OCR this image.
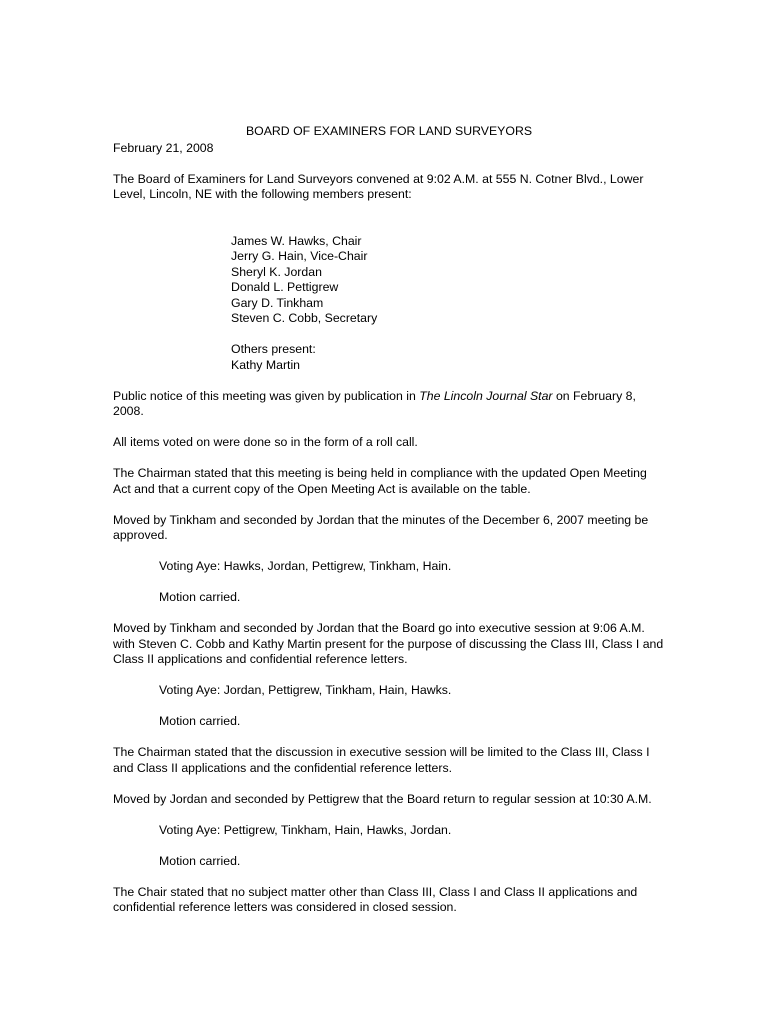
BOARD OF EXAMINERS FOR LAND SURVEYORS

February 21, 2008

The Board of Examiners for Land Surveyors convened at 9:02 A.M. at 555 N. Cotner Blvd., Lower Level, Lincoln, NE with the following members present:

James W. Hawks, Chair
Jerry G. Hain, Vice-Chair
Sheryl K. Jordan
Donald L. Pettigrew
Gary D. Tinkham
Steven C. Cobb, Secretary
Others present:
Kathy Martin

Public notice of this meeting was given by publication in The Lincoln Journal Star on February 8, 2008.

All items voted on were done so in the form of a roll call.

The Chairman stated that this meeting is being held in compliance with the updated Open Meeting Act and that a current copy of the Open Meeting Act is available on the table.

Moved by Tinkham and seconded by Jordan that the minutes of the December 6, 2007 meeting be approved.

Voting Aye: Hawks, Jordan, Pettigrew, Tinkham, Hain.

Motion carried.

Moved by Tinkham and seconded by Jordan that the Board go into executive session at 9:06 A.M. with Steven C. Cobb and Kathy Martin present for the purpose of discussing the Class III, Class I and Class II applications and confidential reference letters.

Voting Aye: Jordan, Pettigrew, Tinkham, Hain, Hawks.

Motion carried.

The Chairman stated that the discussion in executive session will be limited to the Class III, Class I and Class II applications and the confidential reference letters.

Moved by Jordan and seconded by Pettigrew that the Board return to regular session at 10:30 A.M.

Voting Aye: Pettigrew, Tinkham, Hain, Hawks, Jordan.

Motion carried.

The Chair stated that no subject matter other than Class III, Class I and Class II applications and confidential reference letters was considered in closed session.
